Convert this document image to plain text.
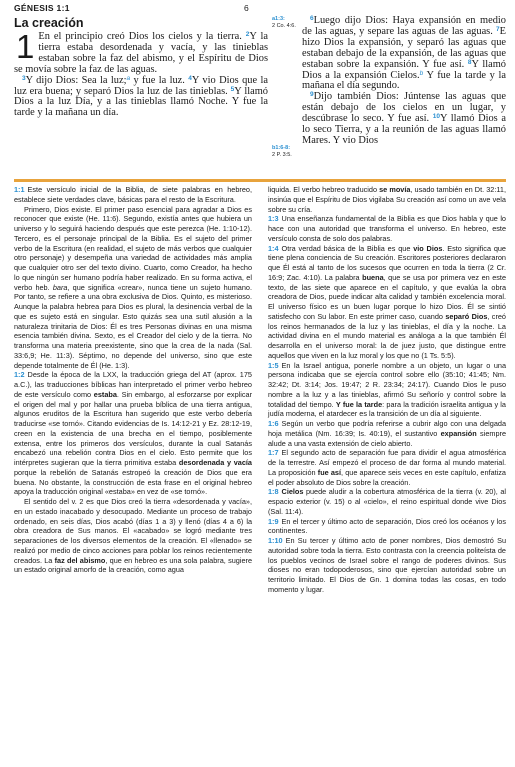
GÉNESIS 1:1	6
La creación

1 En el principio creó Dios los cielos y la tierra. $^2$Y la tierra estaba desordenada y vacía, y las tinieblas estaban sobre la faz del abismo, y el Espíritu de Dios se movía sobre la faz de las aguas.

$^3$Y dijo Dios: Sea la luz;$^a$ y fue la luz. $^4$Y vio Dios que la luz era buena; y separó Dios la luz de las tinieblas. $^5$Y llamó Dios a la luz Día, y a las tinieblas llamó Noche. Y fue la tarde y la mañana un día.

a1:3:
2 Co. 4:6.
b1:6-8:
2 P. 3:5.

$^6$Luego dijo Dios: Haya expansión en medio de las aguas, y separe las aguas de las aguas. $^7$E hizo Dios la expansión, y separó las aguas que estaban debajo de la expansión, de las aguas que estaban sobre la expansión. Y fue así. $^8$Y llamó Dios a la expansión Cielos.$^b$ Y fue la tarde y la mañana el día segundo.

$^9$Dijo también Dios: Júntense las aguas que están debajo de los cielos en un lugar, y descúbrase lo seco. Y fue así. $^{10}$Y llamó Dios a lo seco Tierra, y a la reunión de las aguas llamó Mares. Y vio Dios

1:1 Este versículo inicial de la Biblia, de siete palabras en hebreo, establece siete verdades clave, básicas para el resto de la Escritura.

Primero, Dios existe. El primer paso esencial para agradar a Dios es reconocer que existe (He. 11:6). Segundo, existía antes que hubiera un universo y lo seguirá haciendo después que este perezca (He. 1:10-12). Tercero, es el personaje principal de la Biblia. Es el sujeto del primer verbo de la Escritura (en realidad, el sujeto de más verbos que cualquier otro personaje) y desempeña una variedad de actividades más amplia que cualquier otro ser del texto divino. Cuarto, como Creador, ha hecho lo que ningún ser humano podría haber realizado. En su forma activa, el verbo heb. bara, que significa «crear», nunca tiene un sujeto humano. Por tanto, se refiere a una obra exclusiva de Dios. Quinto, es misterioso. Aunque la palabra hebrea para Dios es plural, la desinencia verbal de la que es sujeto está en singular. Esto quizás sea una sutil alusión a la naturaleza trinitaria de Dios: Él es tres Personas divinas en una misma esencia también divina. Sexto, es el Creador del cielo y de la tierra. No transforma una materia preexistente, sino que la crea de la nada (Sal. 33:6,9; He. 11:3). Séptimo, no depende del universo, sino que este depende totalmente de Él (He. 1:3).

1:2 Desde la época de la LXX, la traducción griega del AT (aprox. 175 a.C.), las traducciones bíblicas han interpretado el primer verbo hebreo de este versículo como estaba. Sin embargo, al esforzarse por explicar el origen del mal y por hallar una prueba bíblica de una tierra antigua, algunos eruditos de la Escritura han sugerido que este verbo debería traducirse «se tornó». Citando evidencias de Is. 14:12-21 y Ez. 28:12-19, creen en la existencia de una brecha en el tiempo, posiblemente extensa, entre los primeros dos versículos, durante la cual Satanás encabezó una rebelión contra Dios en el cielo. Esto permite que los intérpretes sugieran que la tierra primitiva estaba desordenada y vacía porque la rebelión de Satanás estropeó la creación de Dios que era buena. No obstante, la construcción de esta frase en el original hebreo apoya la traducción original «estaba» en vez de «se tornó».

El sentido del v. 2 es que Dios creó la tierra «desordenada y vacía», en un estado inacabado y desocupado. Mediante un proceso de trabajo ordenado, en seis días, Dios acabó (días 1 a 3) y llenó (días 4 a 6) la obra creadora de Sus manos. El «acabado» se logró mediante tres separaciones de los diversos elementos de la creación. El «llenado» se realizó por medio de cinco acciones para poblar los reinos recientemente creados. La faz del abismo, que en hebreo es una sola palabra, sugiere un estado original amorfo de la creación, como agua

liquida. El verbo hebreo traducido se movía, usado también en Dt. 32:11, insinúa que el Espíritu de Dios vigilaba Su creación así como un ave vela sobre su cría.

1:3 Una enseñanza fundamental de la Biblia es que Dios habla y que lo hace con una autoridad que transforma el universo. En hebreo, este versículo consta de solo dos palabras.

1:4 Otra verdad básica de la Biblia es que vio Dios. Esto significa que tiene plena conciencia de Su creación. Escritores posteriores declararon que Él está al tanto de los sucesos que ocurren en toda la tierra (2 Cr. 16:9; Zac. 4:10). La palabra buena, que se usa por primera vez en este texto, de las siete que aparece en el capítulo, y que evalúa la obra creadora de Dios, puede indicar alta calidad y también excelencia moral. El universo físico es un buen lugar porque lo hizo Dios. Él se sintió satisfecho con Su labor. En este primer caso, cuando separó Dios, creó los reinos hermanados de la luz y las tinieblas, el día y la noche. La actividad divina en el mundo material es análoga a la que también Él desarrolla en el universo moral: la de juez justo, que distingue entre aquellos que viven en la luz moral y los que no (1 Ts. 5:5).

1:5 En la Israel antigua, ponerle nombre a un objeto, un lugar o una persona indicaba que se ejercía control sobre ello (35:10; 41:45; Nm. 32:42; Dt. 3:14; Jos. 19:47; 2 R. 23:34; 24:17). Cuando Dios le puso nombre a la luz y a las tinieblas, afirmó Su señorío y control sobre la totalidad del tiempo. Y fue la tarde: para la tradición israelita antigua y la judía moderna, el atardecer es la transición de un día al siguiente.

1:6 Según un verbo que podría referirse a cubrir algo con una delgada hoja metálica (Nm. 16:39; Is. 40:19), el sustantivo expansión siempre alude a una vasta extensión de cielo abierto.

1:7 El segundo acto de separación fue para dividir el agua atmosférica de la terrestre. Así empezó el proceso de dar forma al mundo material. La proposición fue así, que aparece seis veces en este capítulo, enfatiza el poder absoluto de Dios sobre la creación.

1:8 Cielos puede aludir a la cobertura atmosférica de la tierra (v. 20), al espacio exterior (v. 15) o al «cielo», el reino espiritual donde vive Dios (Sal. 11:4).

1:9 En el tercer y último acto de separación, Dios creó los océanos y los continentes.

1:10 En Su tercer y último acto de poner nombres, Dios demostró Su autoridad sobre toda la tierra. Esto contrasta con la creencia politeísta de los pueblos vecinos de Israel sobre el rango de poderes divinos. Sus dioses no eran todopoderosos, sino que ejercían autoridad sobre un territorio limitado. El Dios de Gn. 1 domina todas las cosas, en todo momento y lugar.
